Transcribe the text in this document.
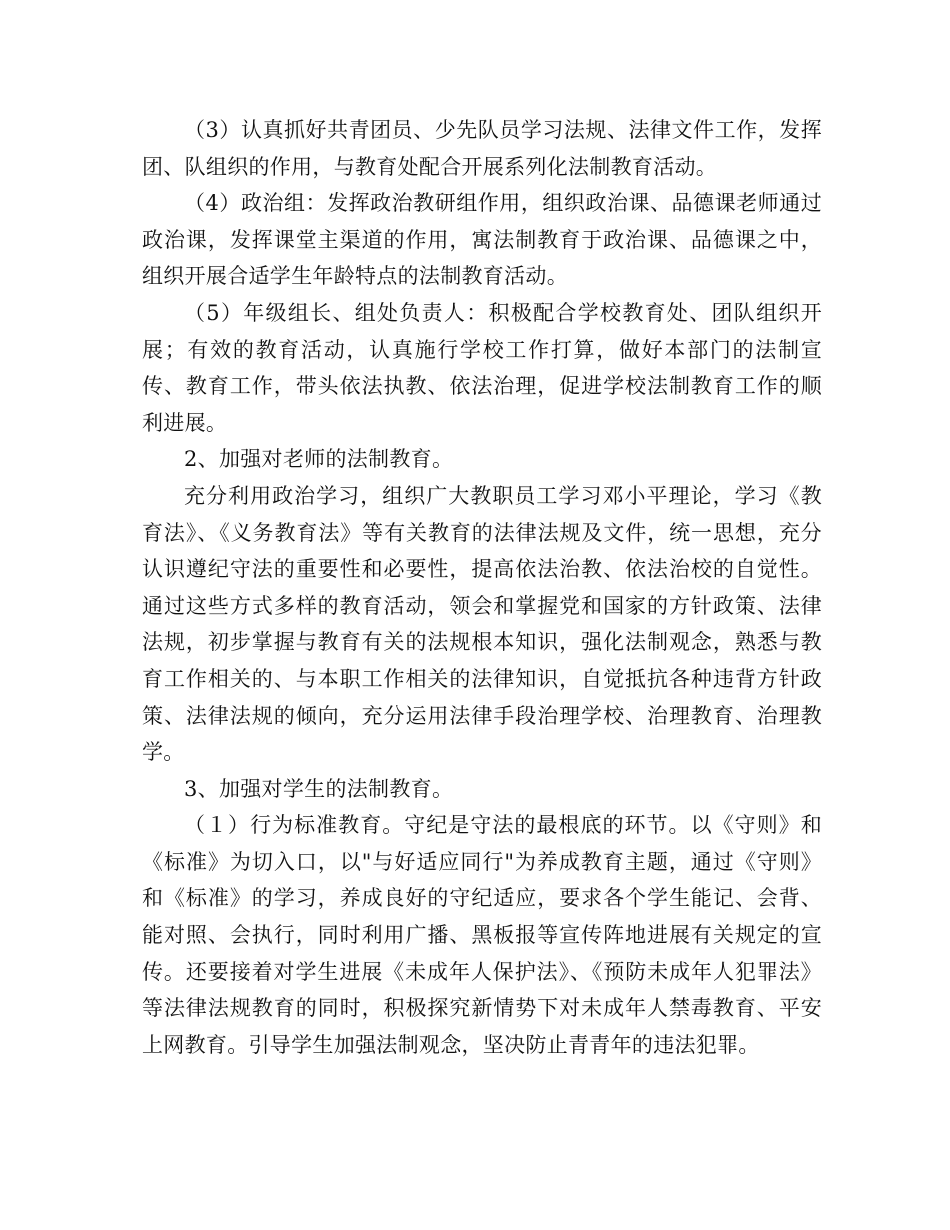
（3）认真抓好共青团员、少先队员学习法规、法律文件工作，发挥团、队组织的作用，与教育处配合开展系列化法制教育活动。

（4）政治组：发挥政治教研组作用，组织政治课、品德课老师通过政治课，发挥课堂主渠道的作用，寓法制教育于政治课、品德课之中，组织开展合适学生年龄特点的法制教育活动。

（5）年级组长、组处负责人：积极配合学校教育处、团队组织开展；有效的教育活动，认真施行学校工作打算，做好本部门的法制宣传、教育工作，带头依法执教、依法治理，促进学校法制教育工作的顺利进展。

2、加强对老师的法制教育。

充分利用政治学习，组织广大教职员工学习邓小平理论，学习《教育法》、《义务教育法》等有关教育的法律法规及文件，统一思想，充分认识遵纪守法的重要性和必要性，提高依法治教、依法治校的自觉性。通过这些方式多样的教育活动，领会和掌握党和国家的方针政策、法律法规，初步掌握与教育有关的法规根本知识，强化法制观念，熟悉与教育工作相关的、与本职工作相关的法律知识，自觉抵抗各种违背方针政策、法律法规的倾向，充分运用法律手段治理学校、治理教育、治理教学。

3、加强对学生的法制教育。

（１）行为标准教育。守纪是守法的最根底的环节。以《守则》和《标准》为切入口，以"与好适应同行"为养成教育主题，通过《守则》和《标准》的学习，养成良好的守纪适应，要求各个学生能记、会背、能对照、会执行，同时利用广播、黑板报等宣传阵地进展有关规定的宣传。还要接着对学生进展《未成年人保护法》、《预防未成年人犯罪法》等法律法规教育的同时，积极探究新情势下对未成年人禁毒教育、平安上网教育。引导学生加强法制观念，坚决防止青青年的违法犯罪。
